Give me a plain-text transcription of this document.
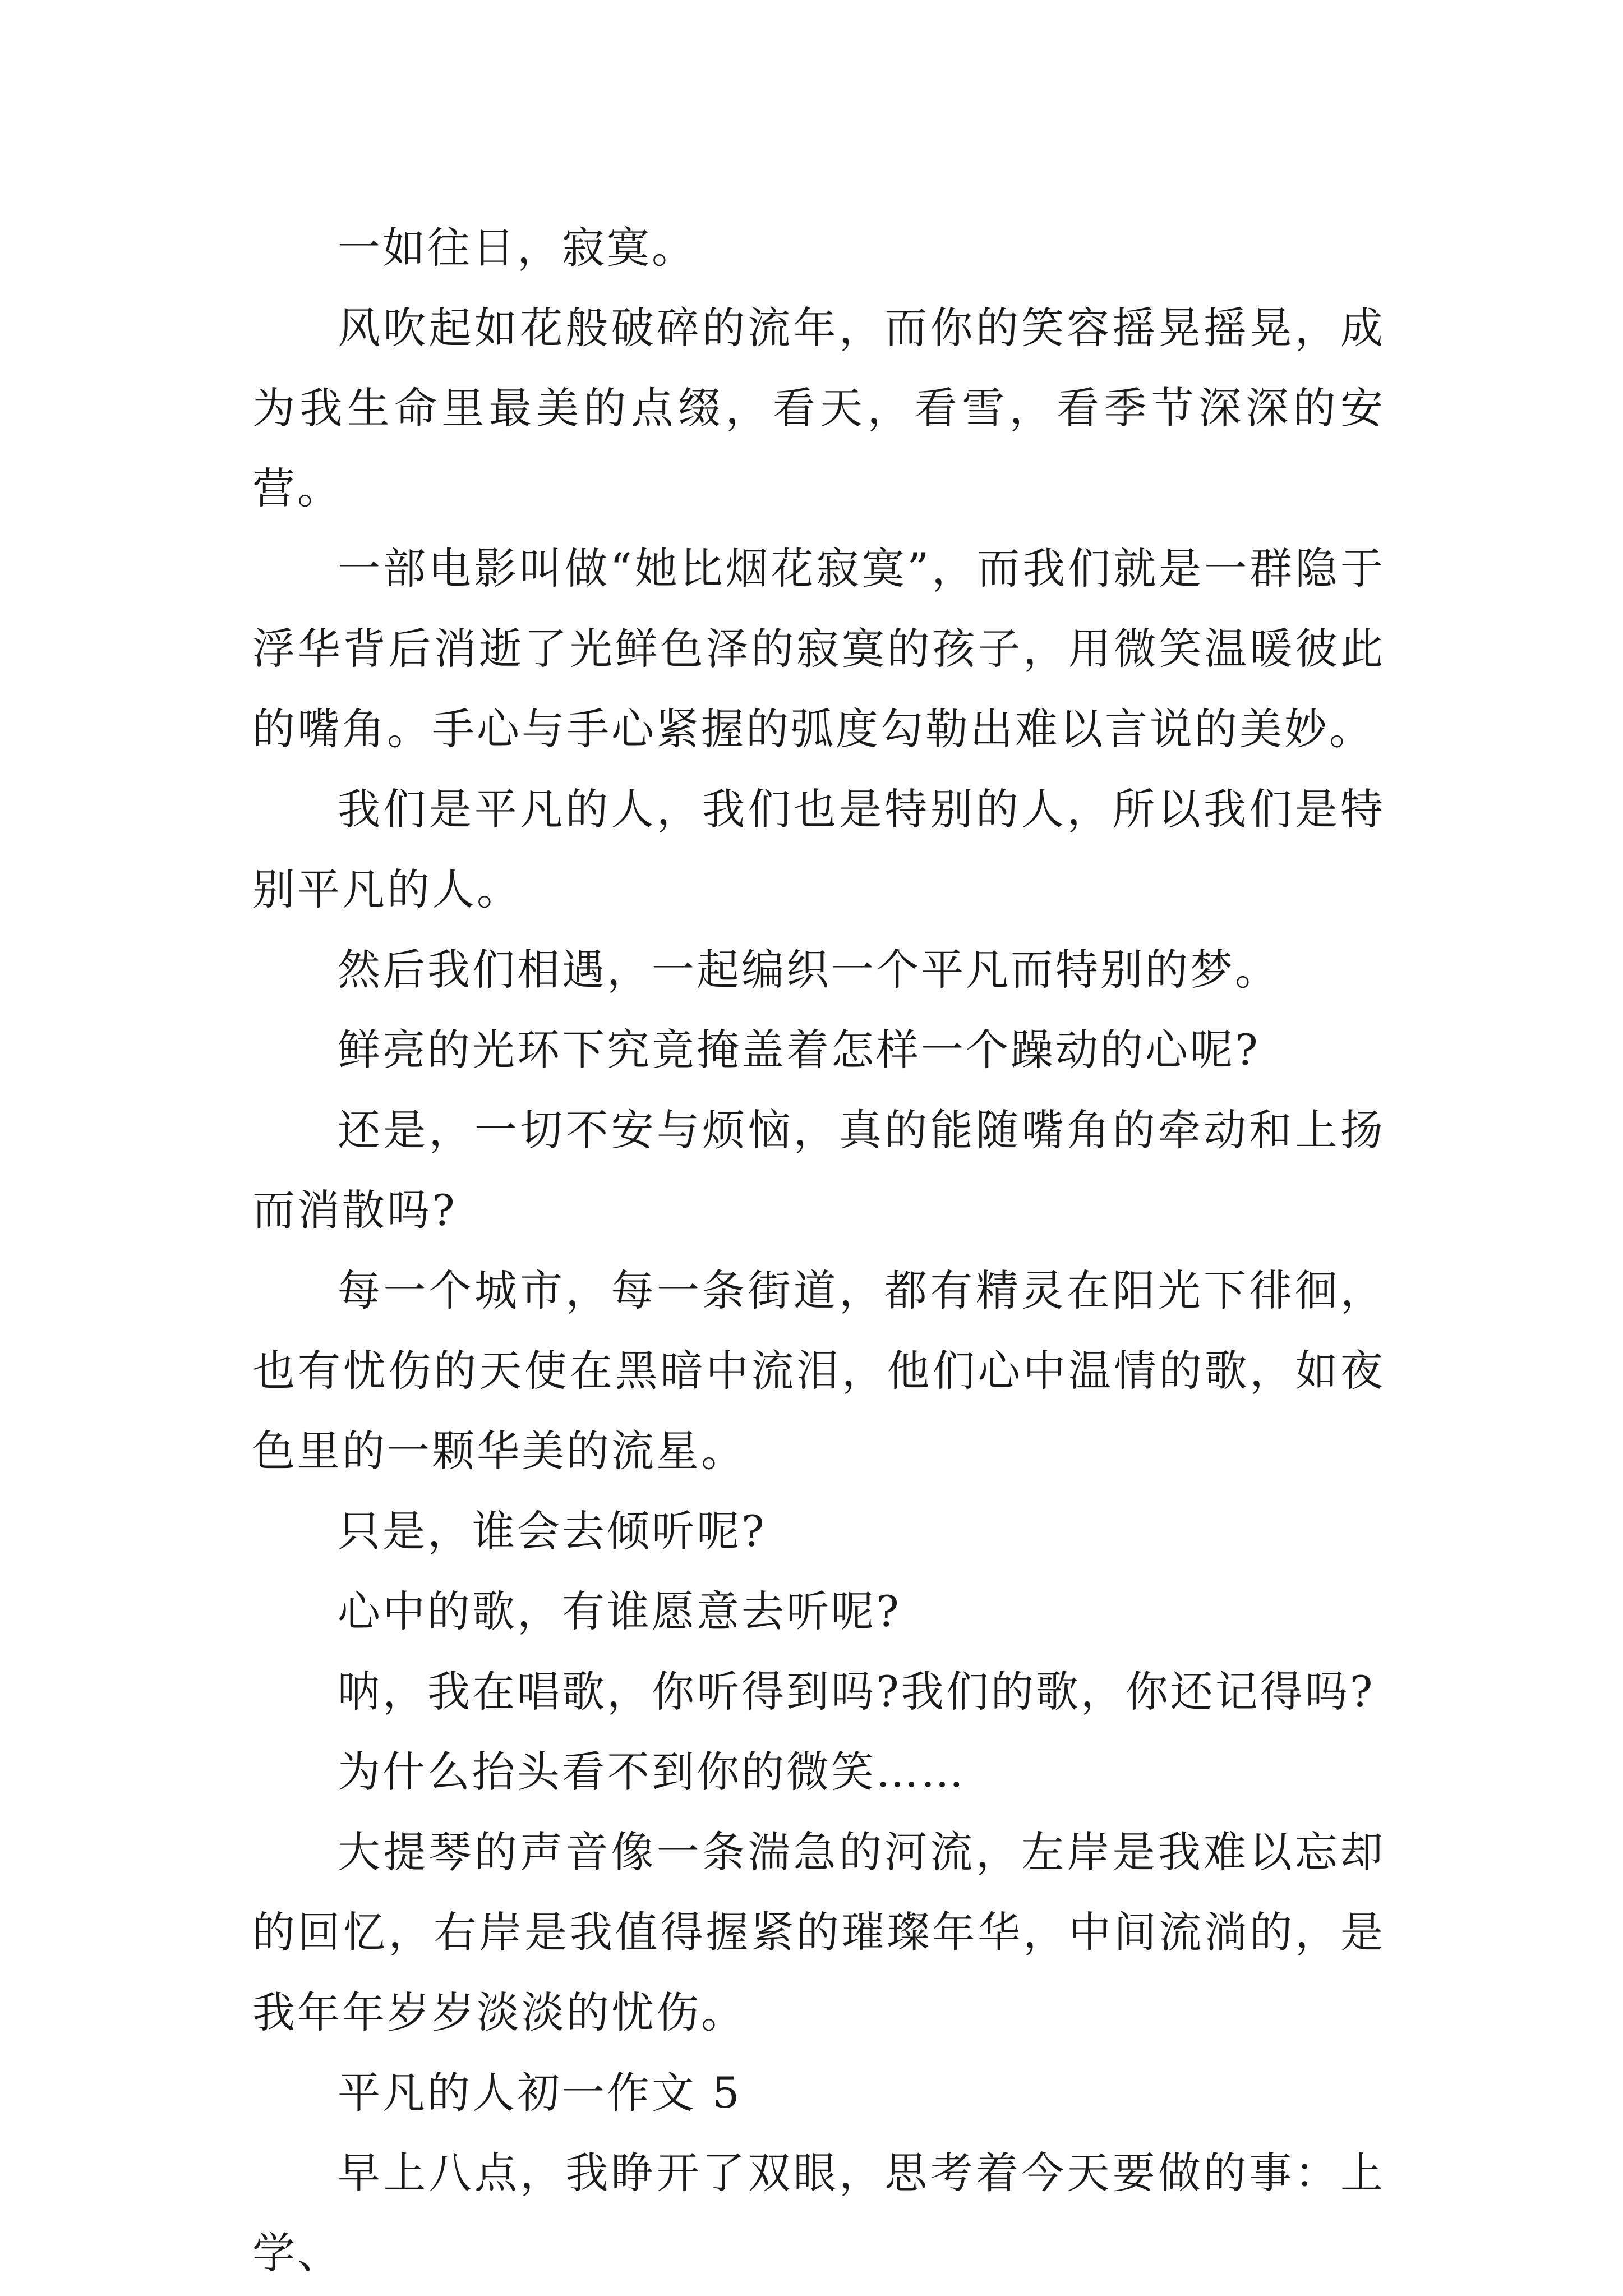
一如往日，寂寞。

风吹起如花般破碎的流年，而你的笑容摇晃摇晃，成为我生命里最美的点缀，看天，看雪，看季节深深的安营。

一部电影叫做“她比烟花寂寞”，而我们就是一群隐于浮华背后消逝了光鲜色泽的寂寞的孩子，用微笑温暖彼此的嘴角。手心与手心紧握的弧度勾勒出难以言说的美妙。

我们是平凡的人，我们也是特别的人，所以我们是特别平凡的人。

然后我们相遇，一起编织一个平凡而特别的梦。

鲜亮的光环下究竟掩盖着怎样一个躁动的心呢?

还是，一切不安与烦恼，真的能随嘴角的牵动和上扬而消散吗?

每一个城市，每一条街道，都有精灵在阳光下徘徊，也有忧伤的天使在黑暗中流泪，他们心中温情的歌，如夜色里的一颗华美的流星。

只是，谁会去倾听呢?

心中的歌，有谁愿意去听呢?

呐，我在唱歌，你听得到吗?我们的歌，你还记得吗?

为什么抬头看不到你的微笑……

大提琴的声音像一条湍急的河流，左岸是我难以忘却的回忆，右岸是我值得握紧的璀璨年华，中间流淌的，是我年年岁岁淡淡的忧伤。

平凡的人初一作文 5

早上八点，我睁开了双眼，思考着今天要做的事：上学、
